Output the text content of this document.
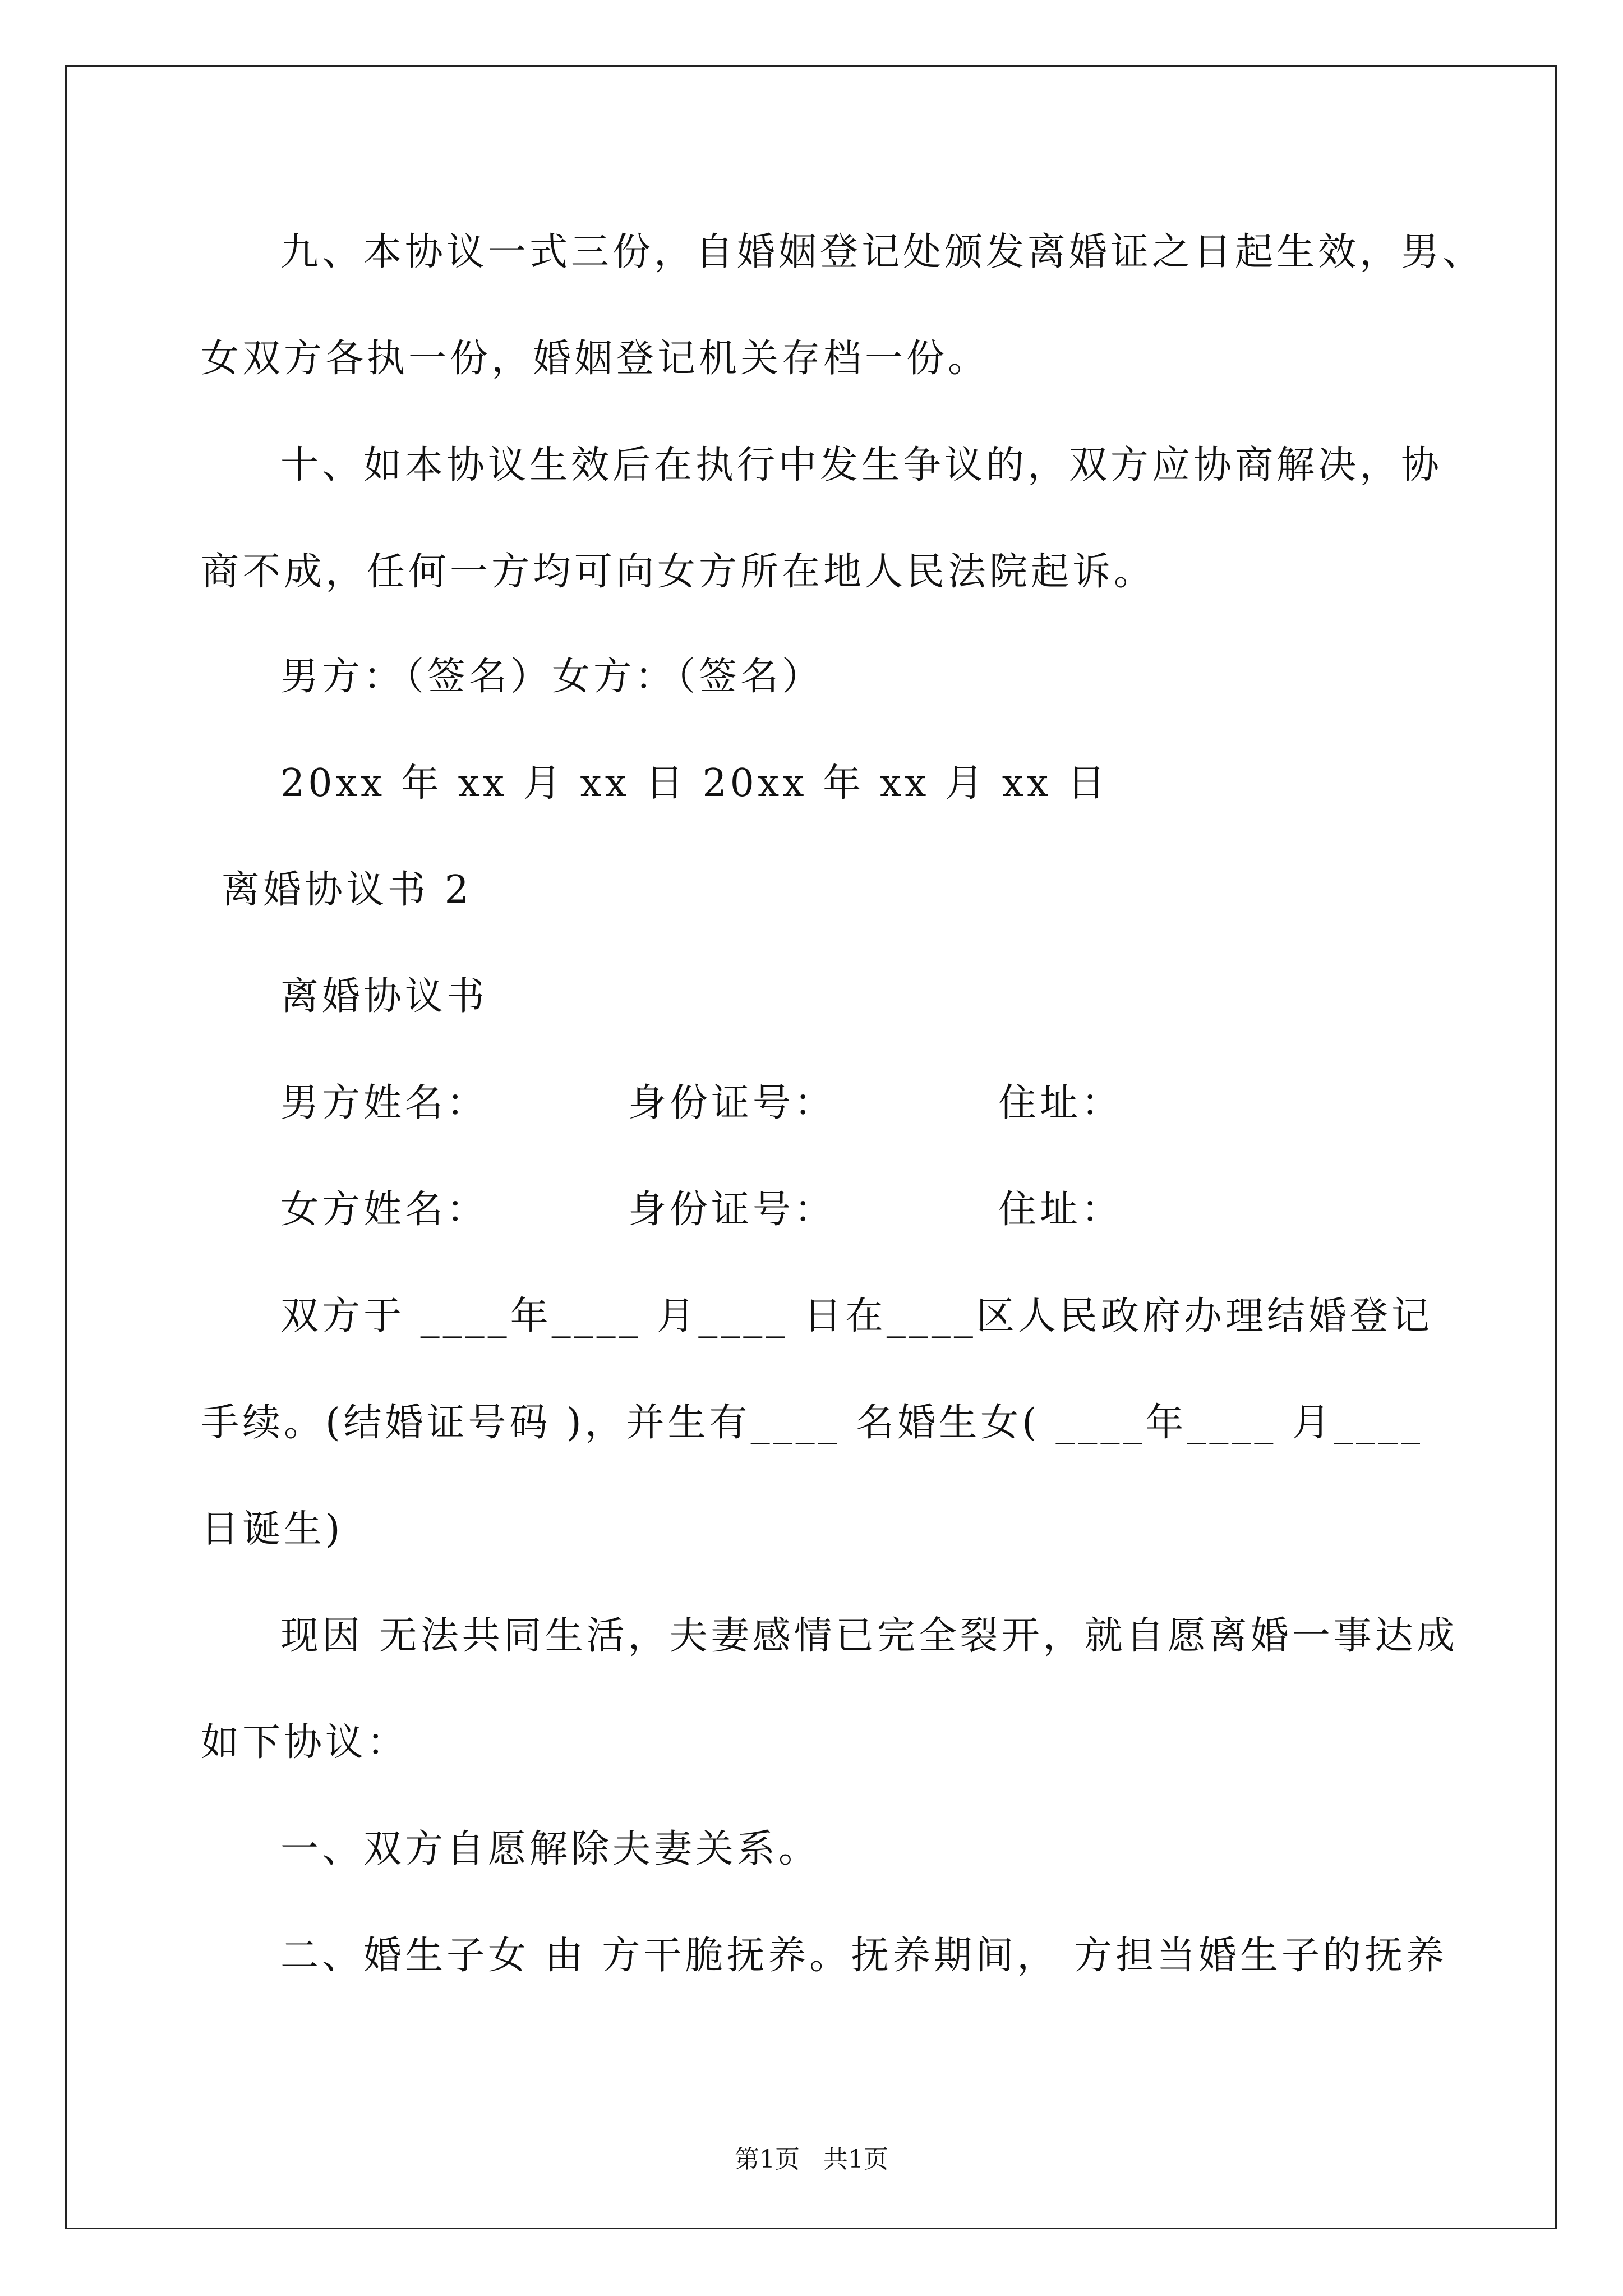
九、本协议一式三份，自婚姻登记处颁发离婚证之日起生效，男、
女双方各执一份，婚姻登记机关存档一份。
十、如本协议生效后在执行中发生争议的，双方应协商解决，协
商不成，任何一方均可向女方所在地人民法院起诉。
男方：（签名）女方：（签名）
20xx 年 xx 月 xx 日 20xx 年 xx 月 xx 日
离婚协议书 2
离婚协议书
男方姓名：	身份证号：	住址：
女方姓名：	身份证号：	住址：
双方于 ____年____ 月____ 日在____区人民政府办理结婚登记
手续。(结婚证号码 )，并生有____ 名婚生女( ____年____ 月____
日诞生)
现因 无法共同生活，夫妻感情已完全裂开，就自愿离婚一事达成
如下协议：
一、双方自愿解除夫妻关系。
二、婚生子女 由 方干脆抚养。抚养期间， 方担当婚生子的抚养
第1页   共1页
